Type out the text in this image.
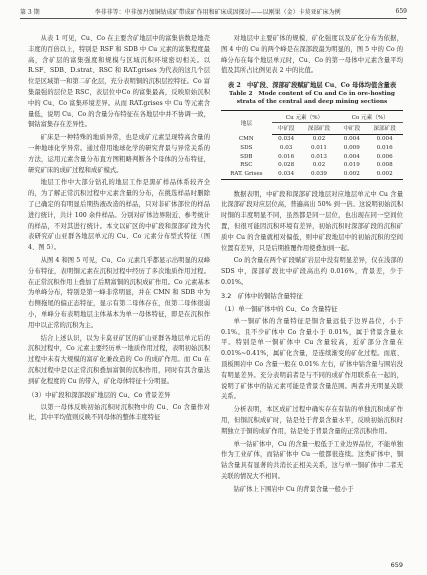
第 3 期	李非非等：中非加丹加铜钴成矿带成矿作用和矿床成因探讨——以刚果（金）卡莫亚矿床为例	659

从表 1 可见，Cu、Co 在主要含矿地层中的富集倍数是地壳丰度的百倍以上，特别是 RSF 和 SDB 中 Cu 元素的富集程度最高，含矿层的富集强度和规模与区域沉积环境密切相关。以 R.SF、SDB、D.strat、RSC 和 RAT.grises 为代表的这几个层位是区域第一和第二矿化层，充分表明铜的沉积层控特征。Co 富集最强的层位是 RSC，表层位中Co 的富集最高，反映原始沉积中的 Cu、Co 富集环境差异。从而 RAT.grises 中 Cu 等元素含量低，说明 Cu、Co 的含量分布特征在各地层中并不协调一致，铜钴富集存在差异性。

矿床是一种特殊的地质异常，也是成矿元素呈现特高含量的一种地球化学异常。通过借用地球化学的研究背景与异常关系的方法，运用元素含量分布直方图粗略判断各个母体的分布特征，研究矿床的成矿过程和成矿模式。

地层工作中大部分钻孔的地层工作是黑矿样品体系较齐全的，为了解正常沉积过程中元素含量的分布，在挑选样品时删除了已确定的有明显后期热液改造的样品，只对非矿体部位的样品进行统计，共计 100 余件样品。分别对矿体边界附近、参考统计的样品，不对其进行统计。本文以矿区的中矿段和深部矿段为代表研究矿山亚群各地层单元的 Cu、Co 元素分布型式特征（图 4、图 5）。

从图 4 和图 5 可见，Cu、Co 元素几乎都显示出明显的双峰分布特征，表明铜元素在沉积过程中经历了多次地质作用过程。在正常沉积作用上叠加了后期富铜的沉积成矿作用。Co 元素基本为单峰分布，特别是第一峰非常明显，并在 CMN 和 SDB 中为右侧拖尾的偏正态特征，显示有第二母体存在，但第二母体很弱小，单峰分布表明地层主体基本为单一母体特征，即是在沉积作用中以正常的沉积为主。

结合上述认识，以为卡莫亚矿区的矿山亚群各地层单元后的沉积过程中，Co 元素主要经历单一地质作用过程，表明初始沉积过程中未有大规模的富矿化兼改造的 Co 的成矿作用。而 Cu 在沉积过程中是以正常沉积叠加富铜的沉积作用，同时有其含量达到矿化程度的 Cu 的带入，矿化母体特征十分明显。

（3）中矿段和深部段矿地层的 Cu、Co 背景差异

以第一母体反映初始沉积时沉积物中的 Cu、Co 含量作对比，其中平均值则反映不同母体的整体丰度特征

对地层中主要矿体的规模、矿化强度以及矿化分布为依据，图 4 中的 Cu 的两个峰是在深部段最为明显的，图 5 中的 Co 的峰分布在每个地层单元时，Cu、Co 的第一母体中元素含量平均值及其所占比例见表 2 中的比值。

表 2　中矿段、深部矿段赋矿地层 Cu、Co 母体均值含量表
Table 2　Mode content of Cu and Co in ore-hosting strata of the central and deep mining sections
地层	Cu 元素（%）		Co 元素（%）	
	中矿段	深部矿段	中矿段	深部矿段
CMN	0.034	0.02	0.004	0.004
SDS	0.03	0.011	0.009	0.016
SDB	0.016	0.013	0.004	0.006
RSC	0.028	0.02	0.019	0.008
RAT. Grises	0.034	0.039	0.002	0.002

数据表明，中矿段和深部矿段地层对应地层单元中 Cu 含量比深部矿段对应层位高，普遍高出 50% 到一倍。这说明初始沉积时铜的丰度明显不同，虽然都是同一层位，也出现在同一空间位置，但很可能因沉积环境有差异，初始沉积时深部矿段的沉积矿质中 Cu 的含量就相对偏低，则中矿段地层中的初始沉积的空间位置有差异，只是后期推覆作用使叠加到一起。

Co 的含量在两个矿段赋矿岩层中没有明显差异，仅在浅部的 SDS 中，深部矿段比中矿段高出约 0.016%，背景差，少于 0.01%。

3.2　矿体中的铜钴含量特征
（1）单一铜矿体中的 Cu、Co 含量特征

单一铜矿体的含量特征是铜含量远低于边界品位，小于 0.1%。且不少矿体中 Co 含量小于 0.01%，属于背景含量水平。特别是单一铜矿体中 Cu 含量较高，近矿部分含量在 0.01%~0.41%，属矿化含量，是连续渐变的矿化过程。而底、顶板围岩中 Co 含量一般在 0.01% 左右，矿体中钴含量与围岩没有明显差异。充分表明前者是与不同的成矿作用联系在一起的，说明了矿体中的钴元素可能是背景含量范围。两者并无明显关联关系。

分析表明，本区成矿过程中确实存在有钴的单独沉积成矿作用，但铜沉积成矿时，钴是处于背景含量水平，反映初始沉积时期独立于铜的成矿作用，钴是处于背景含量的正常沉积作用。

单一钴矿体中，Cu 的含量一般低于工业边界品位，不能单独作为工业矿体，而钴矿体中 Cu 一般都很连续。这类矿体中，铜钴含量具有显著的共消长正相关关系，这与单一铜矿体中二者无关联的情况大不相同。

钴矿体上下围岩中 Cu 的背景含量一般小于

659
